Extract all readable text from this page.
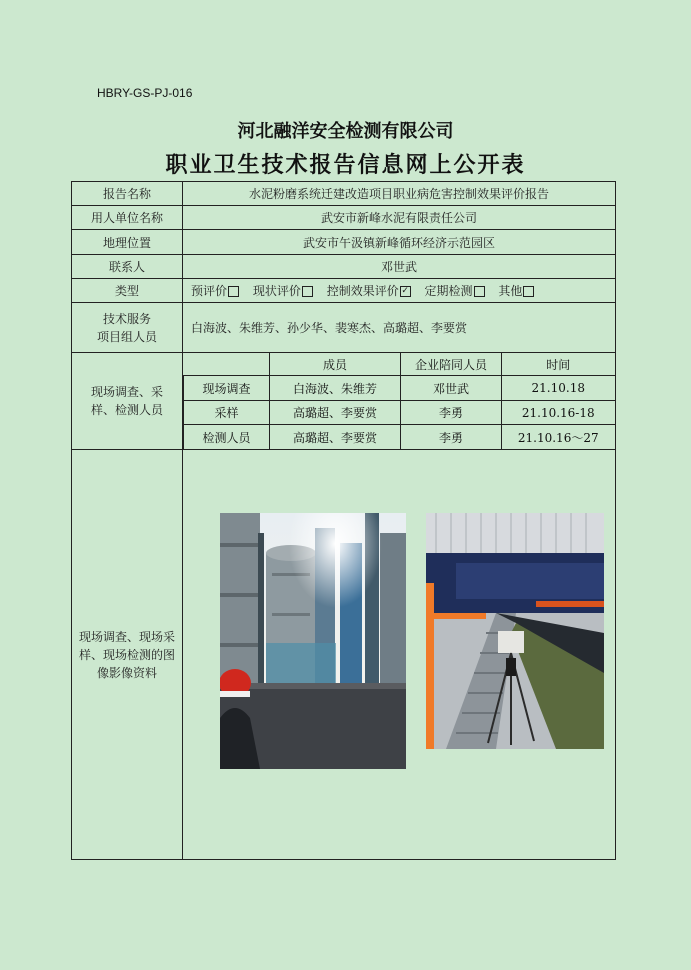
HBRY-GS-PJ-016
河北融洋安全检测有限公司
职业卫生技术报告信息网上公开表
报告名称	水泥粉磨系统迁建改造项目职业病危害控制效果评价报告
用人单位名称	武安市新峰水泥有限责任公司
地理位置	武安市午汲镇新峰循环经济示范园区
联系人	邓世武
类型	预评价 现状评价 控制效果评价 ✓ 定期检测 其他

技术服务
项目组人员
	白海波、朱维芳、孙少华、裴寒杰、高璐超、李要赏
现场调查、采样、检测人员	
	成员	企业陪同人员	时间
现场调查	白海波、朱维芳	邓世武	21.10.18
采样	高璐超、李要赏	李勇	21.10.16-18
检测人员	高璐超、李要赏	李勇	21.10.16～27

现场调查、现场采样、现场检测的图像影像资料	
